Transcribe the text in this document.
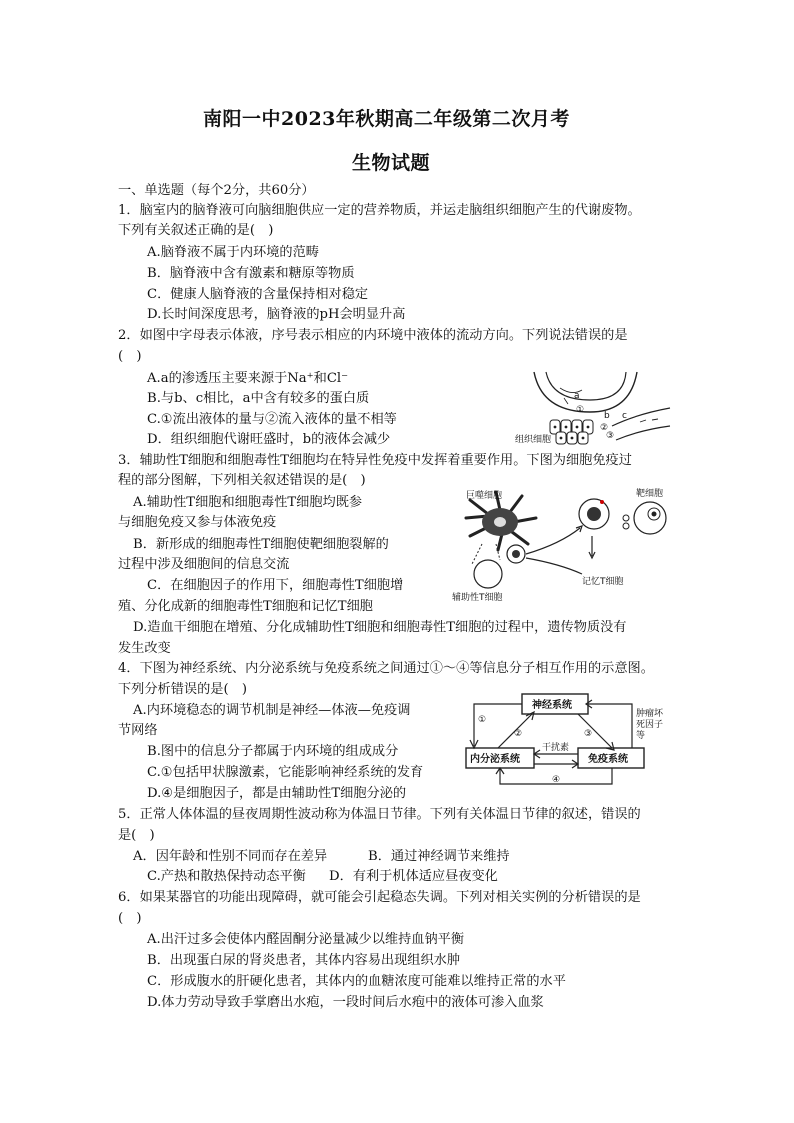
南阳一中2023年秋期高二年级第二次月考
生物试题
一、单选题（每个2分，共60分）
1．脑室内的脑脊液可向脑细胞供应一定的营养物质，并运走脑组织细胞产生的代谢废物。
下列有关叙述正确的是(　)
A.脑脊液不属于内环境的范畴
B．脑脊液中含有激素和糖原等物质
C．健康人脑脊液的含量保持相对稳定
D.长时间深度思考，脑脊液的pH会明显升高
2．如图中字母表示体液，序号表示相应的内环境中液体的流动方向。下列说法错误的是
(　)
A.a的渗透压主要来源于Na⁺和Cl⁻
B.与b、c相比，a中含有较多的蛋白质
C.①流出液体的量与②流入液体的量不相等
D．组织细胞代谢旺盛时，b的液体会减少
a
b c
①
②
③
组织细胞
3．辅助性T细胞和细胞毒性T细胞均在特异性免疫中发挥着重要作用。下图为细胞免疫过
程的部分图解，下列相关叙述错误的是(　)
A.辅助性T细胞和细胞毒性T细胞均既参
与细胞免疫又参与体液免疫
B．新形成的细胞毒性T细胞使靶细胞裂解的
过程中涉及细胞间的信息交流
C．在细胞因子的作用下，细胞毒性T细胞增
殖、分化成新的细胞毒性T细胞和记忆T细胞
D.造血干细胞在增殖、分化成辅助性T细胞和细胞毒性T细胞的过程中，遗传物质没有
发生改变
巨噬细胞	靶细胞
辅助性T细胞
记忆T细胞
4．下图为神经系统、内分泌系统与免疫系统之间通过①～④等信息分子相互作用的示意图。
下列分析错误的是(　)
A.内环境稳态的调节机制是神经—体液—免疫调
节网络
B.图中的信息分子都属于内环境的组成成分
C.①包括甲状腺激素，它能影响神经系统的发育
D.④是细胞因子，都是由辅助性T细胞分泌的
神经系统
内分泌系统	免疫系统
①
②	③
④
干扰素
肿瘤坏
死因子
等
5．正常人体体温的昼夜周期性波动称为体温日节律。下列有关体温日节律的叙述，错误的
是(　)
A．因年龄和性别不同而存在差异	B．通过神经调节来维持
C.产热和散热保持动态平衡 D．有利于机体适应昼夜变化
6．如果某器官的功能出现障碍，就可能会引起稳态失调。下列对相关实例的分析错误的是
(　)
A.出汗过多会使体内醛固酮分泌量减少以维持血钠平衡
B．出现蛋白尿的肾炎患者，其体内容易出现组织水肿
C．形成腹水的肝硬化患者，其体内的血糖浓度可能难以维持正常的水平
D.体力劳动导致手掌磨出水疱，一段时间后水疱中的液体可渗入血浆
